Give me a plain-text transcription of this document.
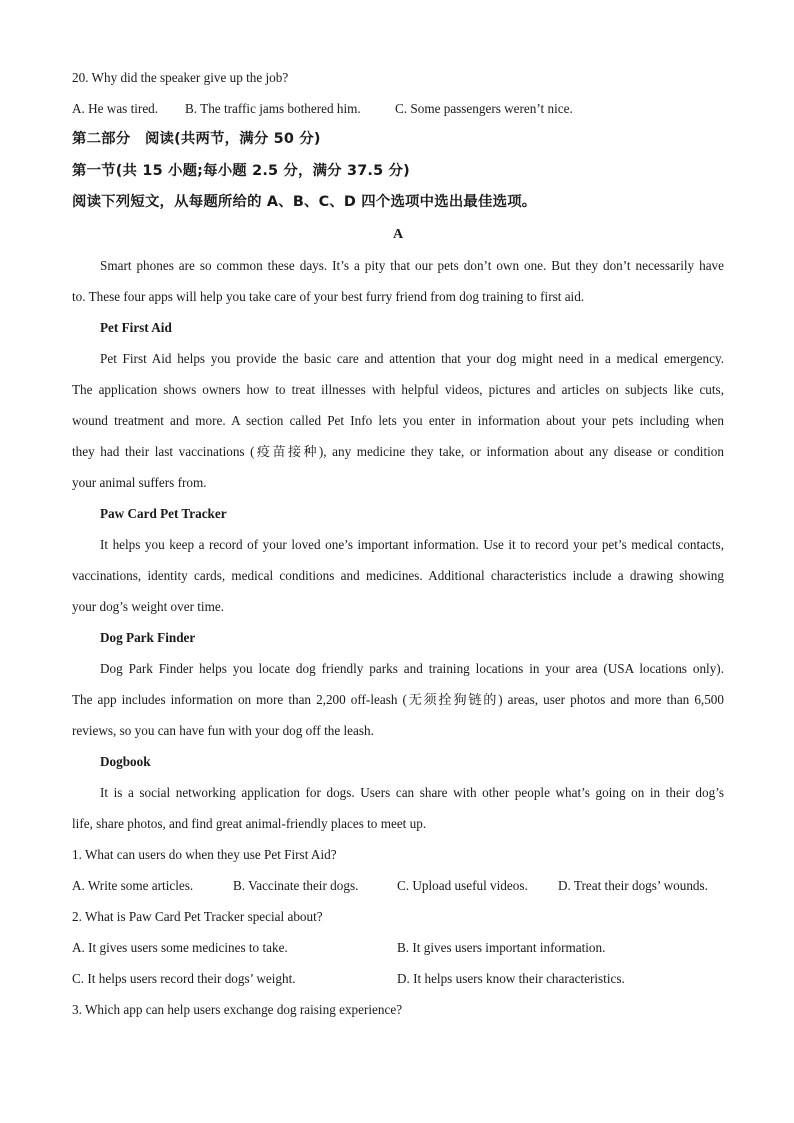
20. Why did the speaker give up the job?
A. He was tired.	B. The traffic jams bothered him.	C. Some passengers weren’t nice.
第二部分　阅读(共两节，满分 50 分)
第一节(共 15 小题;每小题 2.5 分，满分 37.5 分)
阅读下列短文，从每题所给的 A、B、C、D 四个选项中选出最佳选项。
A
Smart phones are so common these days. It’s a pity that our pets don’t own one. But they don’t necessarily have
to. These four apps will help you take care of your best furry friend from dog training to first aid.
Pet First Aid
Pet First Aid helps you provide the basic care and attention that your dog might need in a medical emergency.
The application shows owners how to treat illnesses with helpful videos, pictures and articles on subjects like cuts,
wound treatment and more. A section called Pet Info lets you enter in information about your pets including when
they had their last vaccinations (疫苗接种), any medicine they take, or information about any disease or condition
your animal suffers from.
Paw Card Pet Tracker
It helps you keep a record of your loved one’s important information. Use it to record your pet’s medical contacts,
vaccinations, identity cards, medical conditions and medicines. Additional characteristics include a drawing showing
your dog’s weight over time.
Dog Park Finder
Dog Park Finder helps you locate dog friendly parks and training locations in your area (USA locations only).
The app includes information on more than 2,200 off-leash (无须拴狗链的) areas, user photos and more than 6,500
reviews, so you can have fun with your dog off the leash.
Dogbook
It is a social networking application for dogs. Users can share with other people what’s going on in their dog’s
life, share photos, and find great animal-friendly places to meet up.
1. What can users do when they use Pet First Aid?
A. Write some articles.	B. Vaccinate their dogs.	C. Upload useful videos.	D. Treat their dogs’ wounds.
2. What is Paw Card Pet Tracker special about?
A. It gives users some medicines to take.	B. It gives users important information.
C. It helps users record their dogs’ weight.	D. It helps users know their characteristics.
3. Which app can help users exchange dog raising experience?
